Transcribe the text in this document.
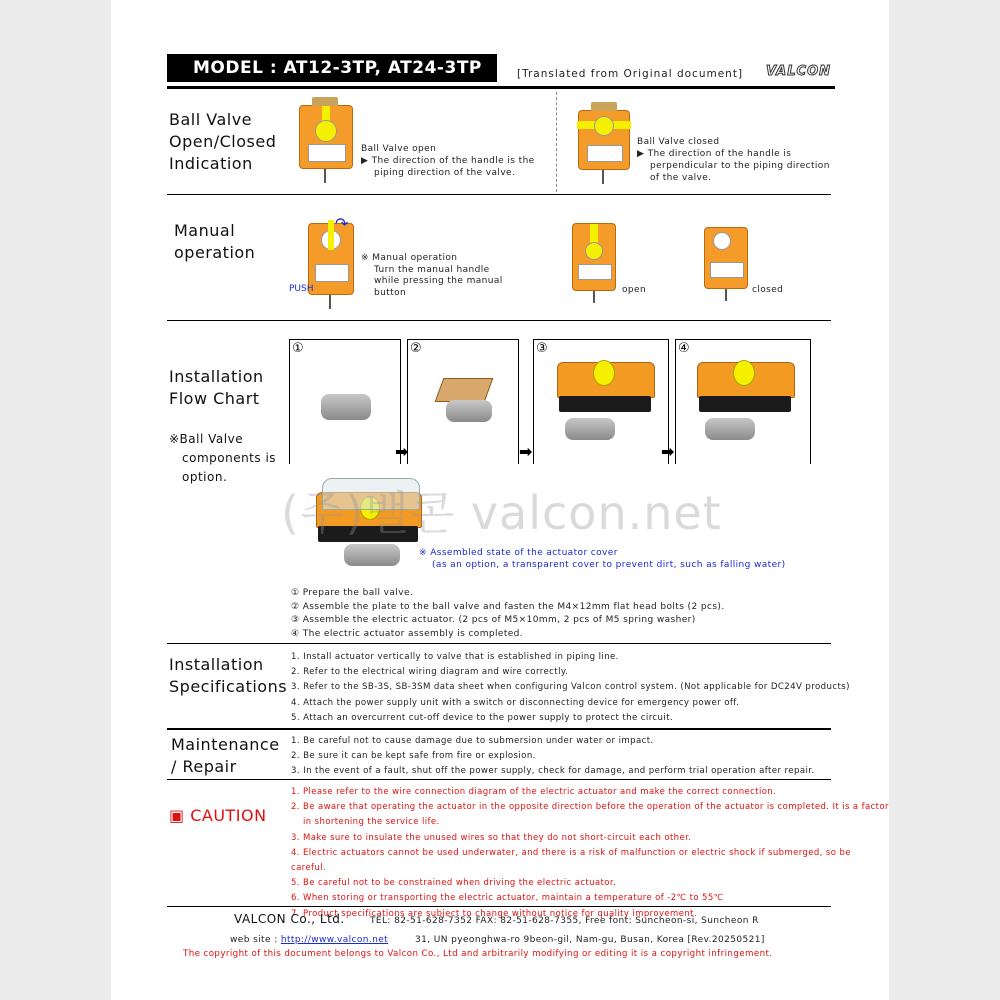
MODEL : AT12-3TP, AT24-3TP	[Translated from Original document] VALCON
Ball Valve
Open/Closed
Indication
Ball Valve open
▶ The direction of the handle is the
piping direction of the valve.
Ball Valve closed
▶ The direction of the handle is
perpendicular to the piping direction
of the valve.
Manual
operation
↷
PUSH
※ Manual operation
Turn the manual handle
while pressing the manual
button	open	closed
Installation
Flow Chart
※Ball Valve
components is
option.
①	②	③	④
➡	➡	➡
(주)밸콘 valcon.net
※ Assembled state of the actuator cover
(as an option, a transparent cover to prevent dirt, such as falling water)
① Prepare the ball valve.
② Assemble the plate to the ball valve and fasten the M4×12mm flat head bolts (2 pcs).
③ Assemble the electric actuator. (2 pcs of M5×10mm, 2 pcs of M5 spring washer)
④ The electric actuator assembly is completed.
Installation
Specifications
1. Install actuator vertically to valve that is established in piping line.
2. Refer to the electrical wiring diagram and wire correctly.
3. Refer to the SB-3S, SB-3SM data sheet when configuring Valcon control system. (Not applicable for DC24V products)
4. Attach the power supply unit with a switch or disconnecting device for emergency power off.
5. Attach an overcurrent cut-off device to the power supply to protect the circuit.
Maintenance
/ Repair
1. Be careful not to cause damage due to submersion under water or impact.
2. Be sure it can be kept safe from fire or explosion.
3. In the event of a fault, shut off the power supply, check for damage, and perform trial operation after repair.
▣ CAUTION
1. Please refer to the wire connection diagram of the electric actuator and make the correct connection.
2. Be aware that operating the actuator in the opposite direction before the operation of the actuator is completed. It is a factor
in shortening the service life.
3. Make sure to insulate the unused wires so that they do not short-circuit each other.
4. Electric actuators cannot be used underwater, and there is a risk of malfunction or electric shock if submerged, so be careful.
5. Be careful not to be constrained when driving the electric actuator.
6. When storing or transporting the electric actuator, maintain a temperature of -2℃ to 55℃
7. Product specifications are subject to change without notice for quality improvement.
VALCON Co., Ltd.	TEL: 82-51-628-7352 FAX: 82-51-628-7355, Free font: Suncheon-si, Suncheon R
web site : http://www.valcon.net	31, UN pyeonghwa-ro 9beon-gil, Nam-gu, Busan, Korea [Rev.20250521]
The copyright of this document belongs to Valcon Co., Ltd and arbitrarily modifying or editing it is a copyright infringement.
